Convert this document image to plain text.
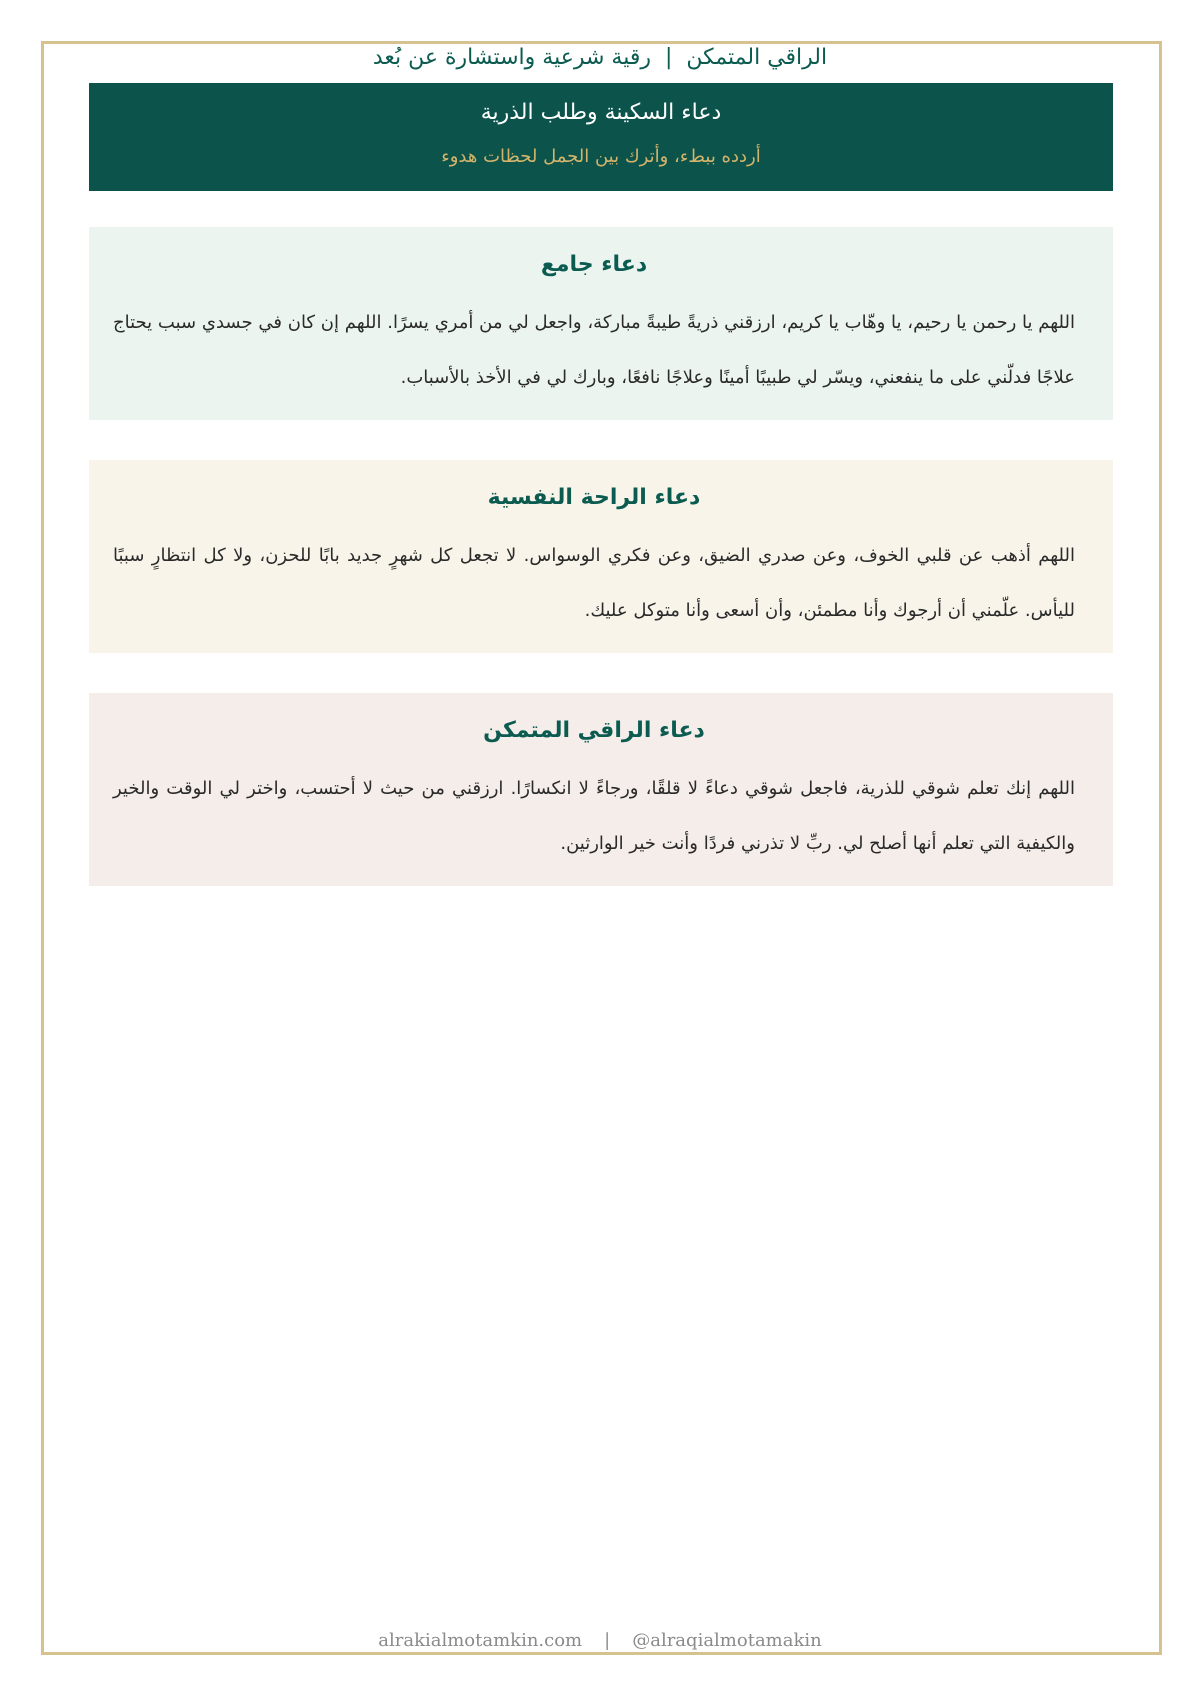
الراقي المتمكن|رقية شرعية واستشارة عن بُعد
دعاء السكينة وطلب الذرية
أردده ببطء، وأترك بين الجمل لحظات هدوء
دعاء جامع

اللهم يا رحمن يا رحيم، يا وهّاب يا كريم، ارزقني ذريةً طيبةً مباركة، واجعل لي من أمري يسرًا. اللهم إن كان في جسدي سبب يحتاج علاجًا فدلّني على ما ينفعني، ويسّر لي طبيبًا أمينًا وعلاجًا نافعًا، وبارك لي في الأخذ بالأسباب.

دعاء الراحة النفسية

اللهم أذهب عن قلبي الخوف، وعن صدري الضيق، وعن فكري الوسواس. لا تجعل كل شهرٍ جديد بابًا للحزن، ولا كل انتظارٍ سببًا لليأس. علّمني أن أرجوك وأنا مطمئن، وأن أسعى وأنا متوكل عليك.

دعاء الراقي المتمكن

اللهم إنك تعلم شوقي للذرية، فاجعل شوقي دعاءً لا قلقًا، ورجاءً لا انكسارًا. ارزقني من حيث لا أحتسب، واختر لي الوقت والخير والكيفية التي تعلم أنها أصلح لي. ربِّ لا تذرني فردًا وأنت خير الوارثين.

alrakialmotamkin.com | @alraqialmotamakin
